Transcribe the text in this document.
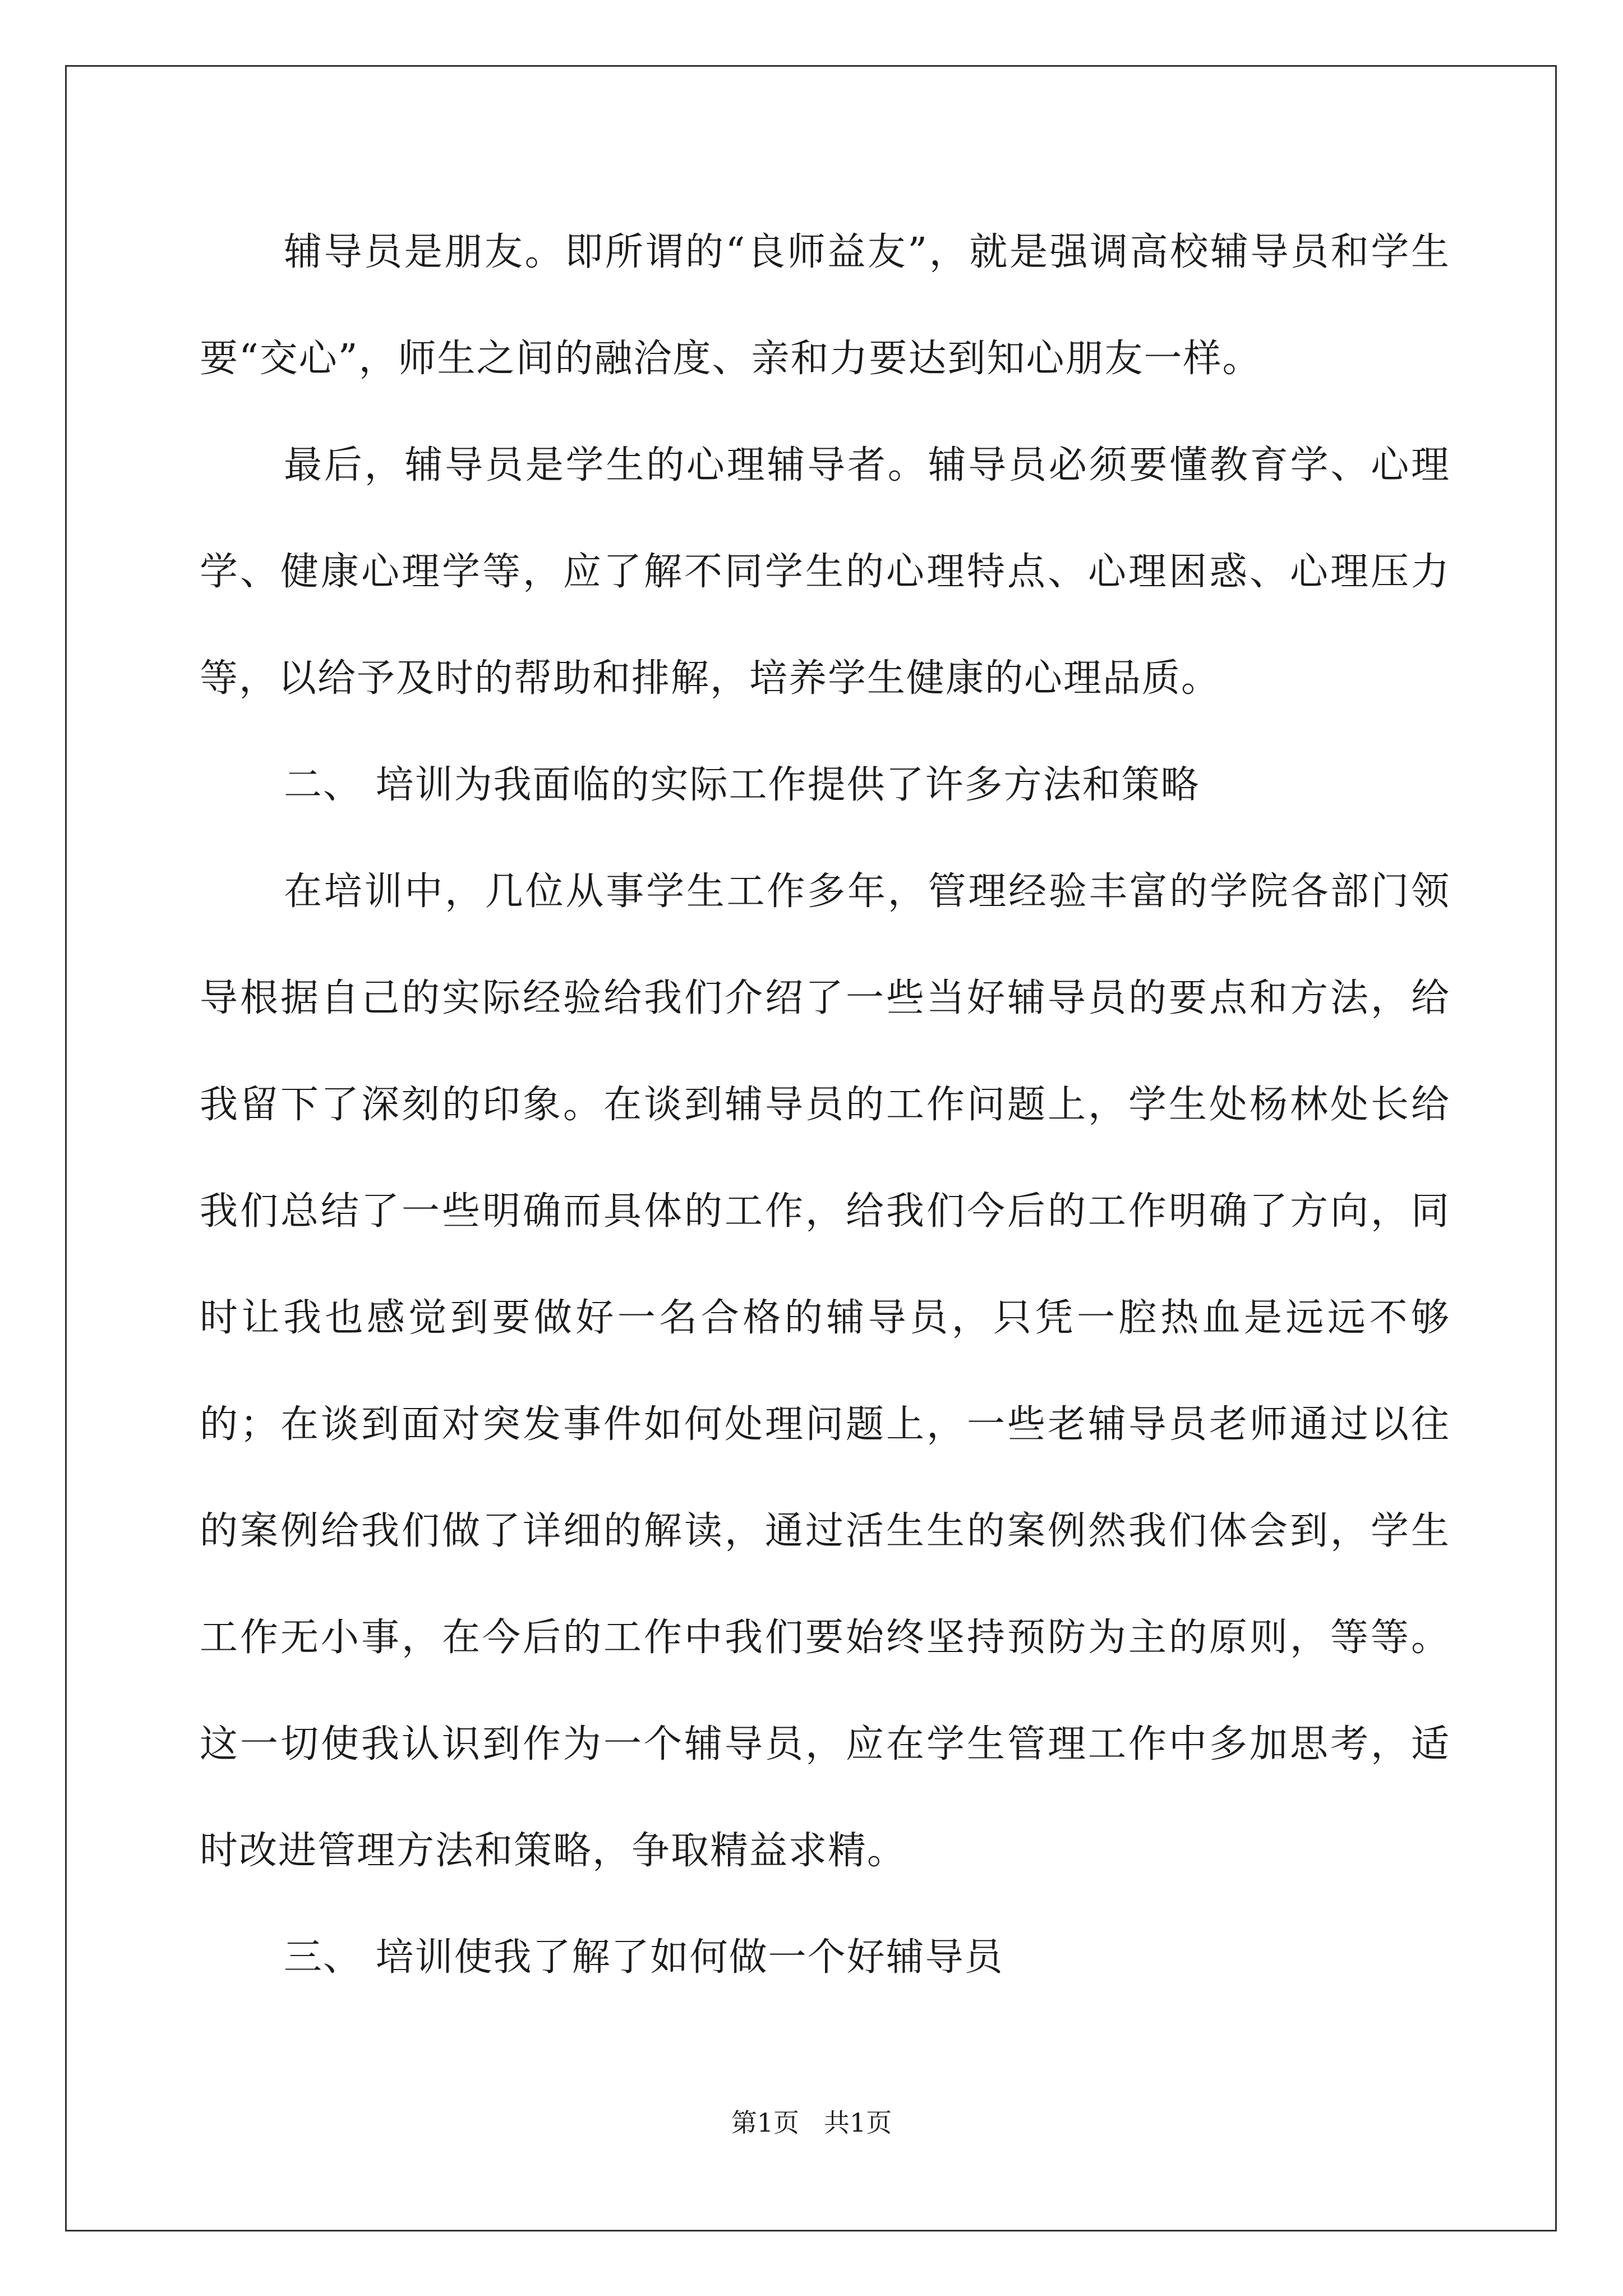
辅导员是朋友。即所谓的“良师益友”，就是强调高校辅导员和学生要“交心”，师生之间的融洽度、亲和力要达到知心朋友一样。

最后，辅导员是学生的心理辅导者。辅导员必须要懂教育学、心理学、健康心理学等，应了解不同学生的心理特点、心理困惑、心理压力等，以给予及时的帮助和排解，培养学生健康的心理品质。

二、 培训为我面临的实际工作提供了许多方法和策略

在培训中，几位从事学生工作多年，管理经验丰富的学院各部门领导根据自己的实际经验给我们介绍了一些当好辅导员的要点和方法，给我留下了深刻的印象。在谈到辅导员的工作问题上，学生处杨林处长给我们总结了一些明确而具体的工作，给我们今后的工作明确了方向，同时让我也感觉到要做好一名合格的辅导员，只凭一腔热血是远远不够的；在谈到面对突发事件如何处理问题上，一些老辅导员老师通过以往的案例给我们做了详细的解读，通过活生生的案例然我们体会到，学生工作无小事，在今后的工作中我们要始终坚持预防为主的原则，等等。这一切使我认识到作为一个辅导员，应在学生管理工作中多加思考，适时改进管理方法和策略，争取精益求精。

三、 培训使我了解了如何做一个好辅导员

第1页 共1页
